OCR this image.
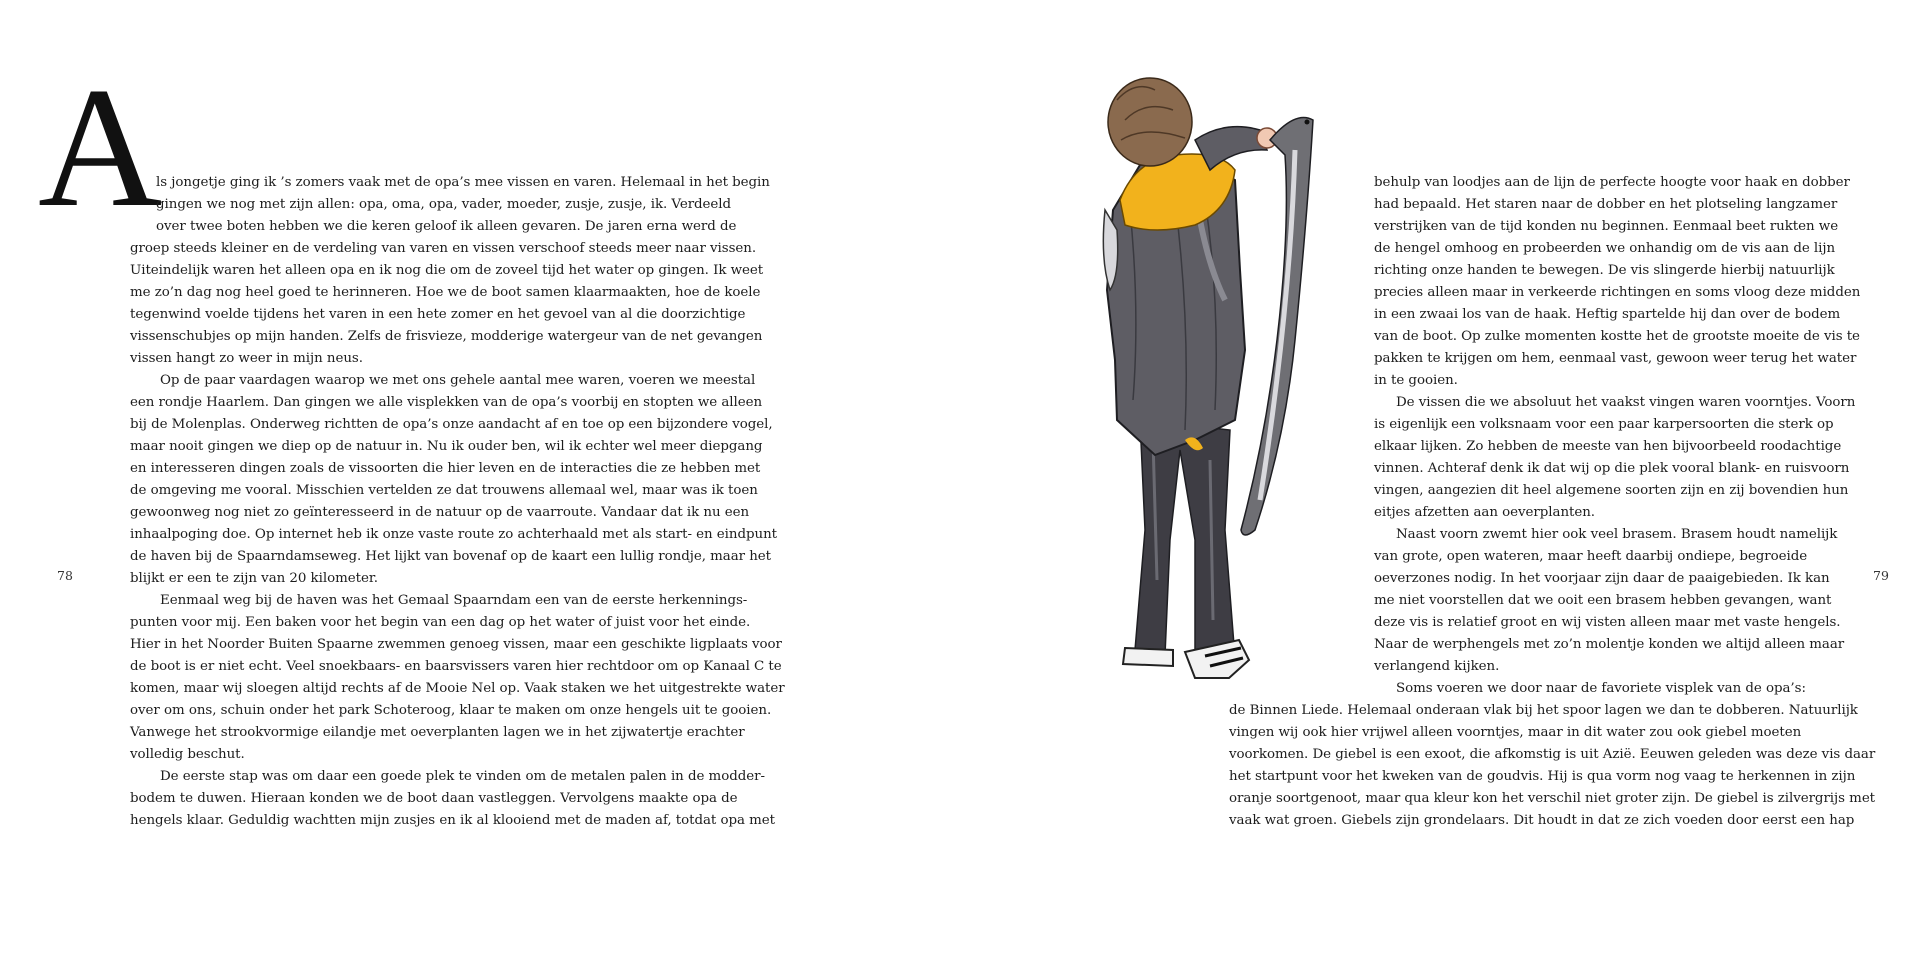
A
ls jongetje ging ik ’s zomers vaak met de opa’s mee vissen en varen. Helemaal in het begin
gingen we nog met zijn allen: opa, oma, opa, vader, moeder, zusje, zusje, ik. Verdeeld
over twee boten hebben we die keren geloof ik alleen gevaren. De jaren erna werd de
groep steeds kleiner en de verdeling van varen en vissen verschoof steeds meer naar vissen.
Uiteindelijk waren het alleen opa en ik nog die om de zoveel tijd het water op gingen. Ik weet
me zo’n dag nog heel goed te herinneren. Hoe we de boot samen klaarmaakten, hoe de koele
tegenwind voelde tijdens het varen in een hete zomer en het gevoel van al die doorzichtige
vissenschubjes op mijn handen. Zelfs de frisvieze, modderige watergeur van de net gevangen
vissen hangt zo weer in mijn neus.
Op de paar vaardagen waarop we met ons gehele aantal mee waren, voeren we meestal
een rondje Haarlem. Dan gingen we alle visplekken van de opa’s voorbij en stopten we alleen
bij de Molenplas. Onderweg richtten de opa’s onze aandacht af en toe op een bijzondere vogel,
maar nooit gingen we diep op de natuur in. Nu ik ouder ben, wil ik echter wel meer diepgang
en interesseren dingen zoals de vissoorten die hier leven en de interacties die ze hebben met
de omgeving me vooral. Misschien vertelden ze dat trouwens allemaal wel, maar was ik toen
gewoonweg nog niet zo geïnteresseerd in de natuur op de vaarroute. Vandaar dat ik nu een
inhaalpoging doe. Op internet heb ik onze vaste route zo achterhaald met als start- en eindpunt
de haven bij de Spaarndamseweg. Het lijkt van bovenaf op de kaart een lullig rondje, maar het
blijkt er een te zijn van 20 kilometer.
Eenmaal weg bij de haven was het Gemaal Spaarndam een van de eerste herkennings-
punten voor mij. Een baken voor het begin van een dag op het water of juist voor het einde.
Hier in het Noorder Buiten Spaarne zwemmen genoeg vissen, maar een geschikte ligplaats voor
de boot is er niet echt. Veel snoekbaars- en baarsvissers varen hier rechtdoor om op Kanaal C te
komen, maar wij sloegen altijd rechts af de Mooie Nel op. Vaak staken we het uitgestrekte water
over om ons, schuin onder het park Schoteroog, klaar te maken om onze hengels uit te gooien.
Vanwege het strookvormige eilandje met oeverplanten lagen we in het zijwatertje erachter
volledig beschut.
De eerste stap was om daar een goede plek te vinden om de metalen palen in de modder-
bodem te duwen. Hieraan konden we de boot daan vastleggen. Vervolgens maakte opa de
hengels klaar. Geduldig wachtten mijn zusjes en ik al klooiend met de maden af, totdat opa met

78	79

behulp van loodjes aan de lijn de perfecte hoogte voor haak en dobber
had bepaald. Het staren naar de dobber en het plotseling langzamer
verstrijken van de tijd konden nu beginnen. Eenmaal beet rukten we
de hengel omhoog en probeerden we onhandig om de vis aan de lijn
richting onze handen te bewegen. De vis slingerde hierbij natuurlijk
precies alleen maar in verkeerde richtingen en soms vloog deze midden
in een zwaai los van de haak. Heftig spartelde hij dan over de bodem
van de boot. Op zulke momenten kostte het de grootste moeite de vis te
pakken te krijgen om hem, eenmaal vast, gewoon weer terug het water
in te gooien.
De vissen die we absoluut het vaakst vingen waren voorntjes. Voorn
is eigenlijk een volksnaam voor een paar karpersoorten die sterk op
elkaar lijken. Zo hebben de meeste van hen bijvoorbeeld roodachtige
vinnen. Achteraf denk ik dat wij op die plek vooral blank- en ruisvoorn
vingen, aangezien dit heel algemene soorten zijn en zij bovendien hun
eitjes afzetten aan oeverplanten.
Naast voorn zwemt hier ook veel brasem. Brasem houdt namelijk
van grote, open wateren, maar heeft daarbij ondiepe, begroeide
oeverzones nodig. In het voorjaar zijn daar de paaigebieden. Ik kan
me niet voorstellen dat we ooit een brasem hebben gevangen, want
deze vis is relatief groot en wij visten alleen maar met vaste hengels.
Naar de werphengels met zo’n molentje konden we altijd alleen maar
verlangend kijken.
Soms voeren we door naar de favoriete visplek van de opa’s:
de Binnen Liede. Helemaal onderaan vlak bij het spoor lagen we dan te dobberen. Natuurlijk
vingen wij ook hier vrijwel alleen voorntjes, maar in dit water zou ook giebel moeten
voorkomen. De giebel is een exoot, die afkomstig is uit Azië. Eeuwen geleden was deze vis daar
het startpunt voor het kweken van de goudvis. Hij is qua vorm nog vaag te herkennen in zijn
oranje soortgenoot, maar qua kleur kon het verschil niet groter zijn. De giebel is zilvergrijs met
vaak wat groen. Giebels zijn grondelaars. Dit houdt in dat ze zich voeden door eerst een hap
